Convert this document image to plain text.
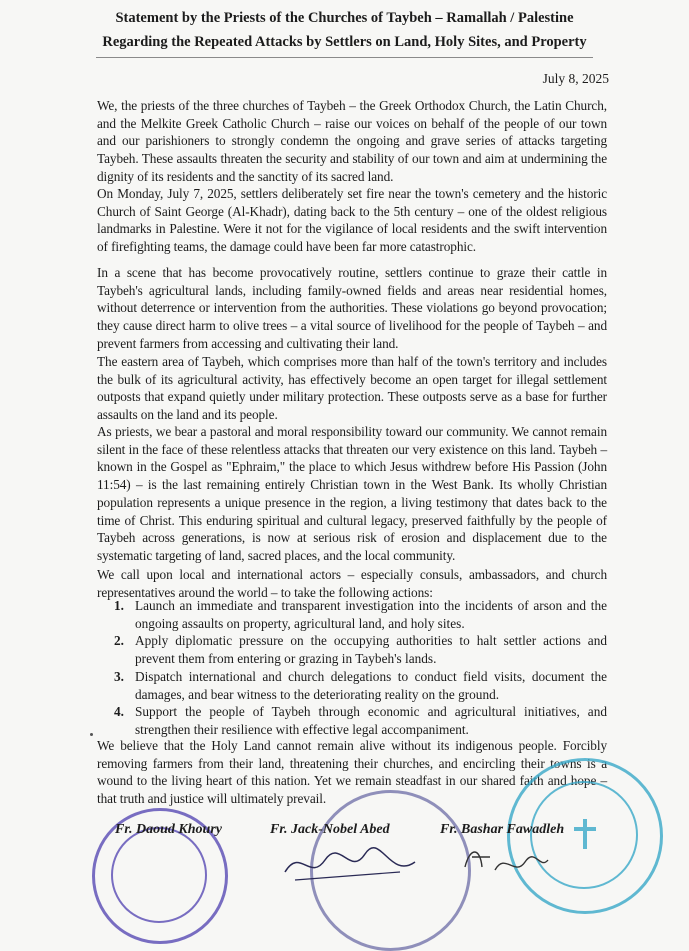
Statement by the Priests of the Churches of Taybeh – Ramallah / Palestine
Regarding the Repeated Attacks by Settlers on Land, Holy Sites, and Property
July 8, 2025
We, the priests of the three churches of Taybeh – the Greek Orthodox Church, the Latin Church, and the Melkite Greek Catholic Church – raise our voices on behalf of the people of our town and our parishioners to strongly condemn the ongoing and grave series of attacks targeting Taybeh. These assaults threaten the security and stability of our town and aim at undermining the dignity of its residents and the sanctity of its sacred land.
On Monday, July 7, 2025, settlers deliberately set fire near the town's cemetery and the historic Church of Saint George (Al-Khadr), dating back to the 5th century – one of the oldest religious landmarks in Palestine. Were it not for the vigilance of local residents and the swift intervention of firefighting teams, the damage could have been far more catastrophic.
In a scene that has become provocatively routine, settlers continue to graze their cattle in Taybeh's agricultural lands, including family-owned fields and areas near residential homes, without deterrence or intervention from the authorities. These violations go beyond provocation; they cause direct harm to olive trees – a vital source of livelihood for the people of Taybeh – and prevent farmers from accessing and cultivating their land.
The eastern area of Taybeh, which comprises more than half of the town's territory and includes the bulk of its agricultural activity, has effectively become an open target for illegal settlement outposts that expand quietly under military protection. These outposts serve as a base for further assaults on the land and its people.
As priests, we bear a pastoral and moral responsibility toward our community. We cannot remain silent in the face of these relentless attacks that threaten our very existence on this land. Taybeh – known in the Gospel as "Ephraim," the place to which Jesus withdrew before His Passion (John 11:54) – is the last remaining entirely Christian town in the West Bank. Its wholly Christian population represents a unique presence in the region, a living testimony that dates back to the time of Christ. This enduring spiritual and cultural legacy, preserved faithfully by the people of Taybeh across generations, is now at serious risk of erosion and displacement due to the systematic targeting of land, sacred places, and the local community.
We call upon local and international actors – especially consuls, ambassadors, and church representatives around the world – to take the following actions:
1. Launch an immediate and transparent investigation into the incidents of arson and the ongoing assaults on property, agricultural land, and holy sites.
2. Apply diplomatic pressure on the occupying authorities to halt settler actions and prevent them from entering or grazing in Taybeh's lands.
3. Dispatch international and church delegations to conduct field visits, document the damages, and bear witness to the deteriorating reality on the ground.
4. Support the people of Taybeh through economic and agricultural initiatives, and strengthen their resilience with effective legal accompaniment.
We believe that the Holy Land cannot remain alive without its indigenous people. Forcibly removing farmers from their land, threatening their churches, and encircling their towns is a wound to the living heart of this nation. Yet we remain steadfast in our shared faith and hope – that truth and justice will ultimately prevail.
Fr. Daoud Khoury	Fr. Jack-Nobel Abed	Fr. Bashar Fawadleh
